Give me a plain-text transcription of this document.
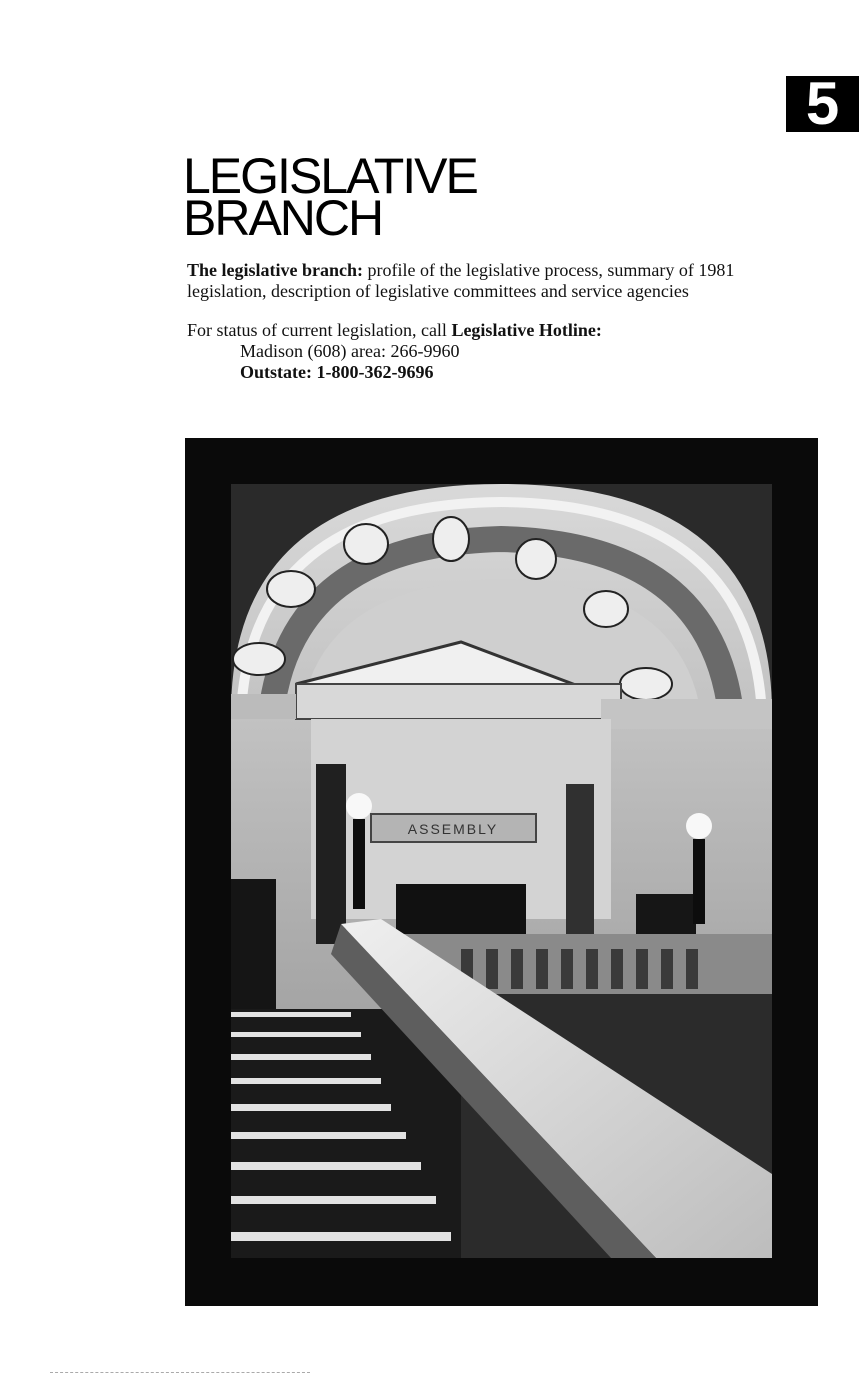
5
LEGISLATIVE
BRANCH

The legislative branch: profile of the legislative process, summary of 1981 legislation, description of legislative committees and service agencies

For status of current legislation, call Legislative Hotline:
Madison (608) area: 266-9960
Outstate: 1-800-362-9696
ASSEMBLY
